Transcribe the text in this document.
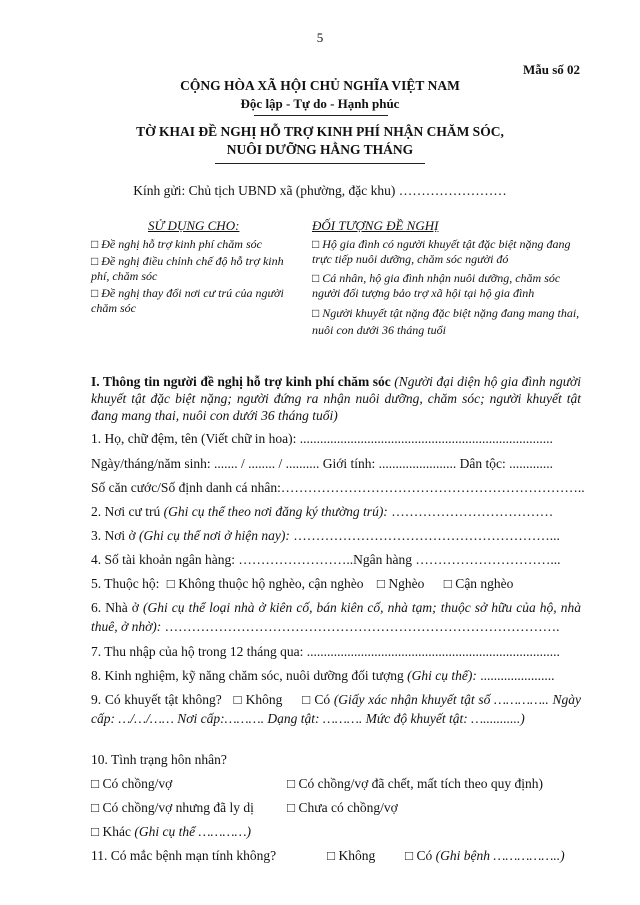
5
Mẫu số 02
CỘNG HÒA XÃ HỘI CHỦ NGHĨA VIỆT NAM
Độc lập - Tự do - Hạnh phúc
TỜ KHAI ĐỀ NGHỊ HỖ TRỢ KINH PHÍ NHẬN CHĂM SÓC,
NUÔI DƯỠNG HẰNG THÁNG
Kính gửi: Chủ tịch UBND xã (phường, đặc khu) ……………………
SỬ DỤNG CHO:	ĐỐI TƯỢNG ĐỀ NGHỊ
□ Đề nghị hỗ trợ kinh phí chăm sóc
□ Đề nghị điều chỉnh chế độ hỗ trợ kinh phí, chăm sóc
□ Đề nghị thay đổi nơi cư trú của người chăm sóc
□ Hộ gia đình có người khuyết tật đặc biệt nặng đang trực tiếp nuôi dưỡng, chăm sóc người đó
□ Cá nhân, hộ gia đình nhận nuôi dưỡng, chăm sóc người đối tượng bảo trợ xã hội tại hộ gia đình
□ Người khuyết tật nặng đặc biệt nặng đang mang thai, nuôi con dưới 36 tháng tuổi
I. Thông tin người đề nghị hỗ trợ kinh phí chăm sóc (Người đại diện hộ gia đình người khuyết tật đặc biệt nặng; người đứng ra nhận nuôi dưỡng, chăm sóc; người khuyết tật đang mang thai, nuôi con dưới 36 tháng tuổi)
1. Họ, chữ đệm, tên (Viết chữ in hoa): ...........................................................................
Ngày/tháng/năm sinh: ....... / ........ / .......... Giới tính: ....................... Dân tộc: .............
Số căn cước/Số định danh cá nhân:…………………………………………………………..
2. Nơi cư trú (Ghi cụ thể theo nơi đăng ký thường trú): ………………………………
3. Nơi ở (Ghi cụ thể nơi ở hiện nay): …………………………………………………...
4. Số tài khoản ngân hàng: ……………………..Ngân hàng …………………………...
5. Thuộc hộ: □ Không thuộc hộ nghèo, cận nghèo □ Nghèo □ Cận nghèo
6. Nhà ở (Ghi cụ thể loại nhà ở kiên cố, bán kiên cố, nhà tạm; thuộc sở hữu của hộ, nhà thuê, ở nhờ): …………………………………………………………………………….
7. Thu nhập của hộ trong 12 tháng qua: ...........................................................................
8. Kinh nghiệm, kỹ năng chăm sóc, nuôi dưỡng đối tượng (Ghi cụ thể): ......................
9. Có khuyết tật không? □ Không □ Có (Giấy xác nhận khuyết tật số ………….. Ngày cấp: …/…/…… Nơi cấp:………. Dạng tật: ………. Mức độ khuyết tật: …...........)
10. Tình trạng hôn nhân?
□ Có chồng/vợ	□ Có chồng/vợ đã chết, mất tích theo quy định)
□ Có chồng/vợ nhưng đã ly dị □ Chưa có chồng/vợ
□ Khác (Ghi cụ thể …………)
11. Có mắc bệnh mạn tính không?	□ Không □ Có (Ghi bệnh ……………..)
